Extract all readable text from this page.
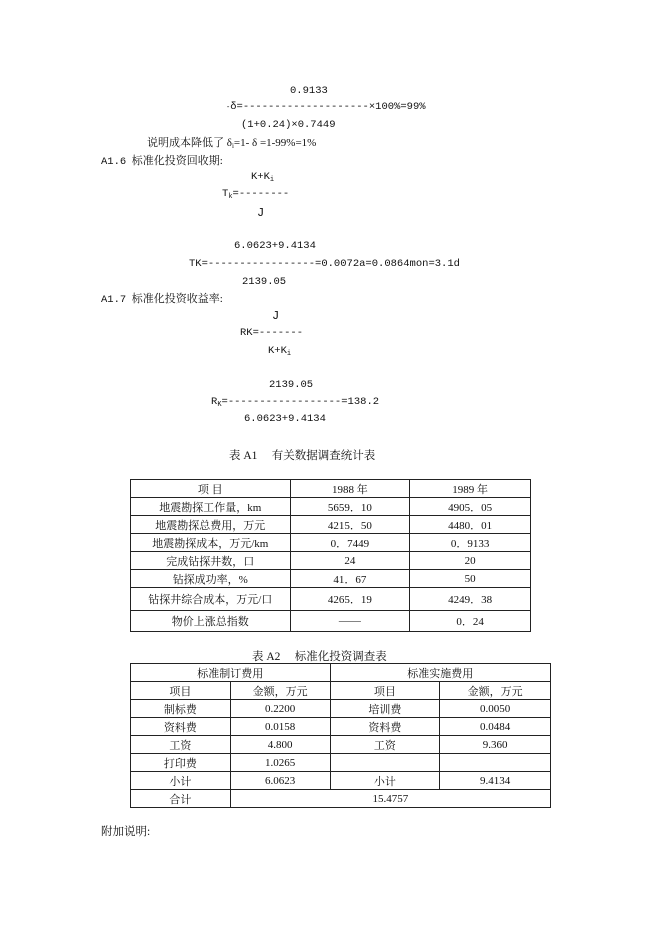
0.9133
-δ=--------------------×100%=99%
(1+0.24)×0.7449
说明成本降低了 $\delta_i=1-$ δ =1-99%=1%
A1.6 标准化投资回收期:
$K+K_i$
$T_k=--------$
J
6.0623+9.4134
TK=-----------------=0.0072a=0.0864mon=3.1d
2139.05
A1.7 标准化投资收益率:
J
RK=-------
$K+K_i$
2139.05
$R_K=------------------=138.2$
6.0623+9.4134
表 A1     有关数据调查统计表
项 目	1988 年	1989 年
地震勘探工作量，km	5659．10	4905．05
地震勘探总费用，万元	4215．50	4480．01
地震勘探成本，万元/km	0．7449	0．9133
完成钻探井数，口	24	20
钻探成功率，%	41．67	50
钻探井综合成本，万元/口	4265．19	4249．38
物价上涨总指数	——	0．24
表 A2     标准化投资调查表
标准制订费用		标准实施费用	
项目	金额，万元	项目	金额，万元
制标费	0.2200	培训费	0.0050
资料费	0.0158	资料费	0.0484
工资	4.800	工资	9.360
打印费	1.0265		
小计	6.0623	小计	9.4134
合计	15.4757		
附加说明:
